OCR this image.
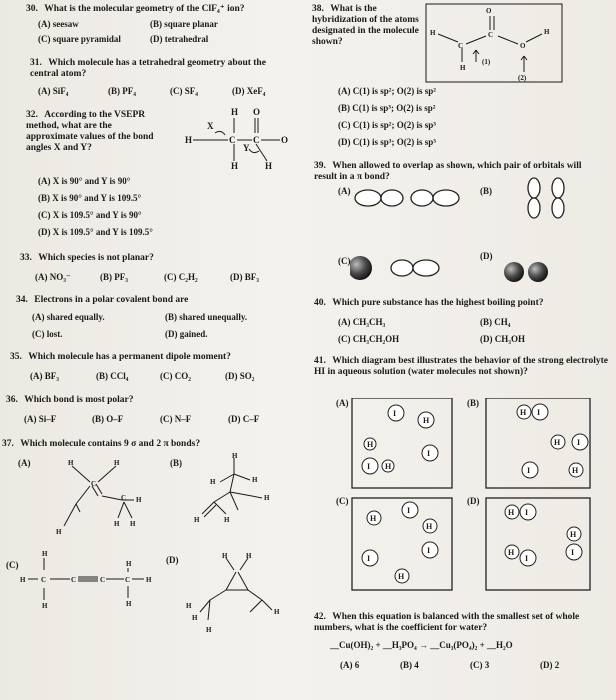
30. What is the molecular geometry of the ClF₄⁺ ion?
(A) seesaw	(B) square planar
(C) square pyramidal	(D) tetrahedral
31. Which molecule has a tetrahedral geometry about the central atom?
(A) SiF₄	(B) PF₄	(C) SF₄	(D) XeF₄
32. According to the VSEPR method, what are the approximate values of the bond angles X and Y?
H O
X
H	C C O
Y
H	H
(A) X is 90° and Y is 90°
(B) X is 90° and Y is 109.5°
(C) X is 109.5° and Y is 90°
(D) X is 109.5° and Y is 109.5°
33. Which species is not planar?
(A) NO₃⁻	(B) PF₃	(C) C₂H₂	(D) BF₃
34. Electrons in a polar covalent bond are
(A) shared equally.	(B) shared unequally.
(C) lost.	(D) gained.
35. Which molecule has a permanent dipole moment?
(A) BF₃	(B) CCl₄	(C) CO₂	(D) SO₂
36. Which bond is most polar?
(A) Si–F	(B) O–F	(C) N–F	(D) C–F
37. Which molecule contains 9 σ and 2 π bonds?
(A)	(B)
(C)	(D)
H	H
C
C H
H H
H
H
H	H
H
H	H
H
H C	C	C	C H
H
H	H
H	H
H
H
H
H
38. What is the hybridization of the atoms designated in the molecule shown?
O
H
C
C
O
H
H
(1)
(2)
(A) C(1) is sp²; O(2) is sp²
(B) C(1) is sp³; O(2) is sp²
(C) C(1) is sp²; O(2) is sp³
(D) C(1) is sp³; O(2) is sp³
39. When allowed to overlap as shown, which pair of orbitals will result in a π bond?
(A)	(B)
(C)	(D)
40. Which pure substance has the highest boiling point?
(A) CH₃CH₃	(B) CH₄
(C) CH₃CH₂OH	(D) CH₃OH
41. Which diagram best illustrates the behavior of the strong electrolyte HI in aqueous solution (water molecules not shown)?
(A)	(B)
(C)	(D)
I
H
I
I
H
H
H I
I
I
H
H
H
I
H
I
I
H
H I
H
I
H
I
42. When this equation is balanced with the smallest set of whole numbers, what is the coefficient for water?
__Cu(OH)₂ + __H₃PO₄ → __Cu₃(PO₄)₂ + __H₂O
(A) 6	(B) 4	(C) 3	(D) 2
